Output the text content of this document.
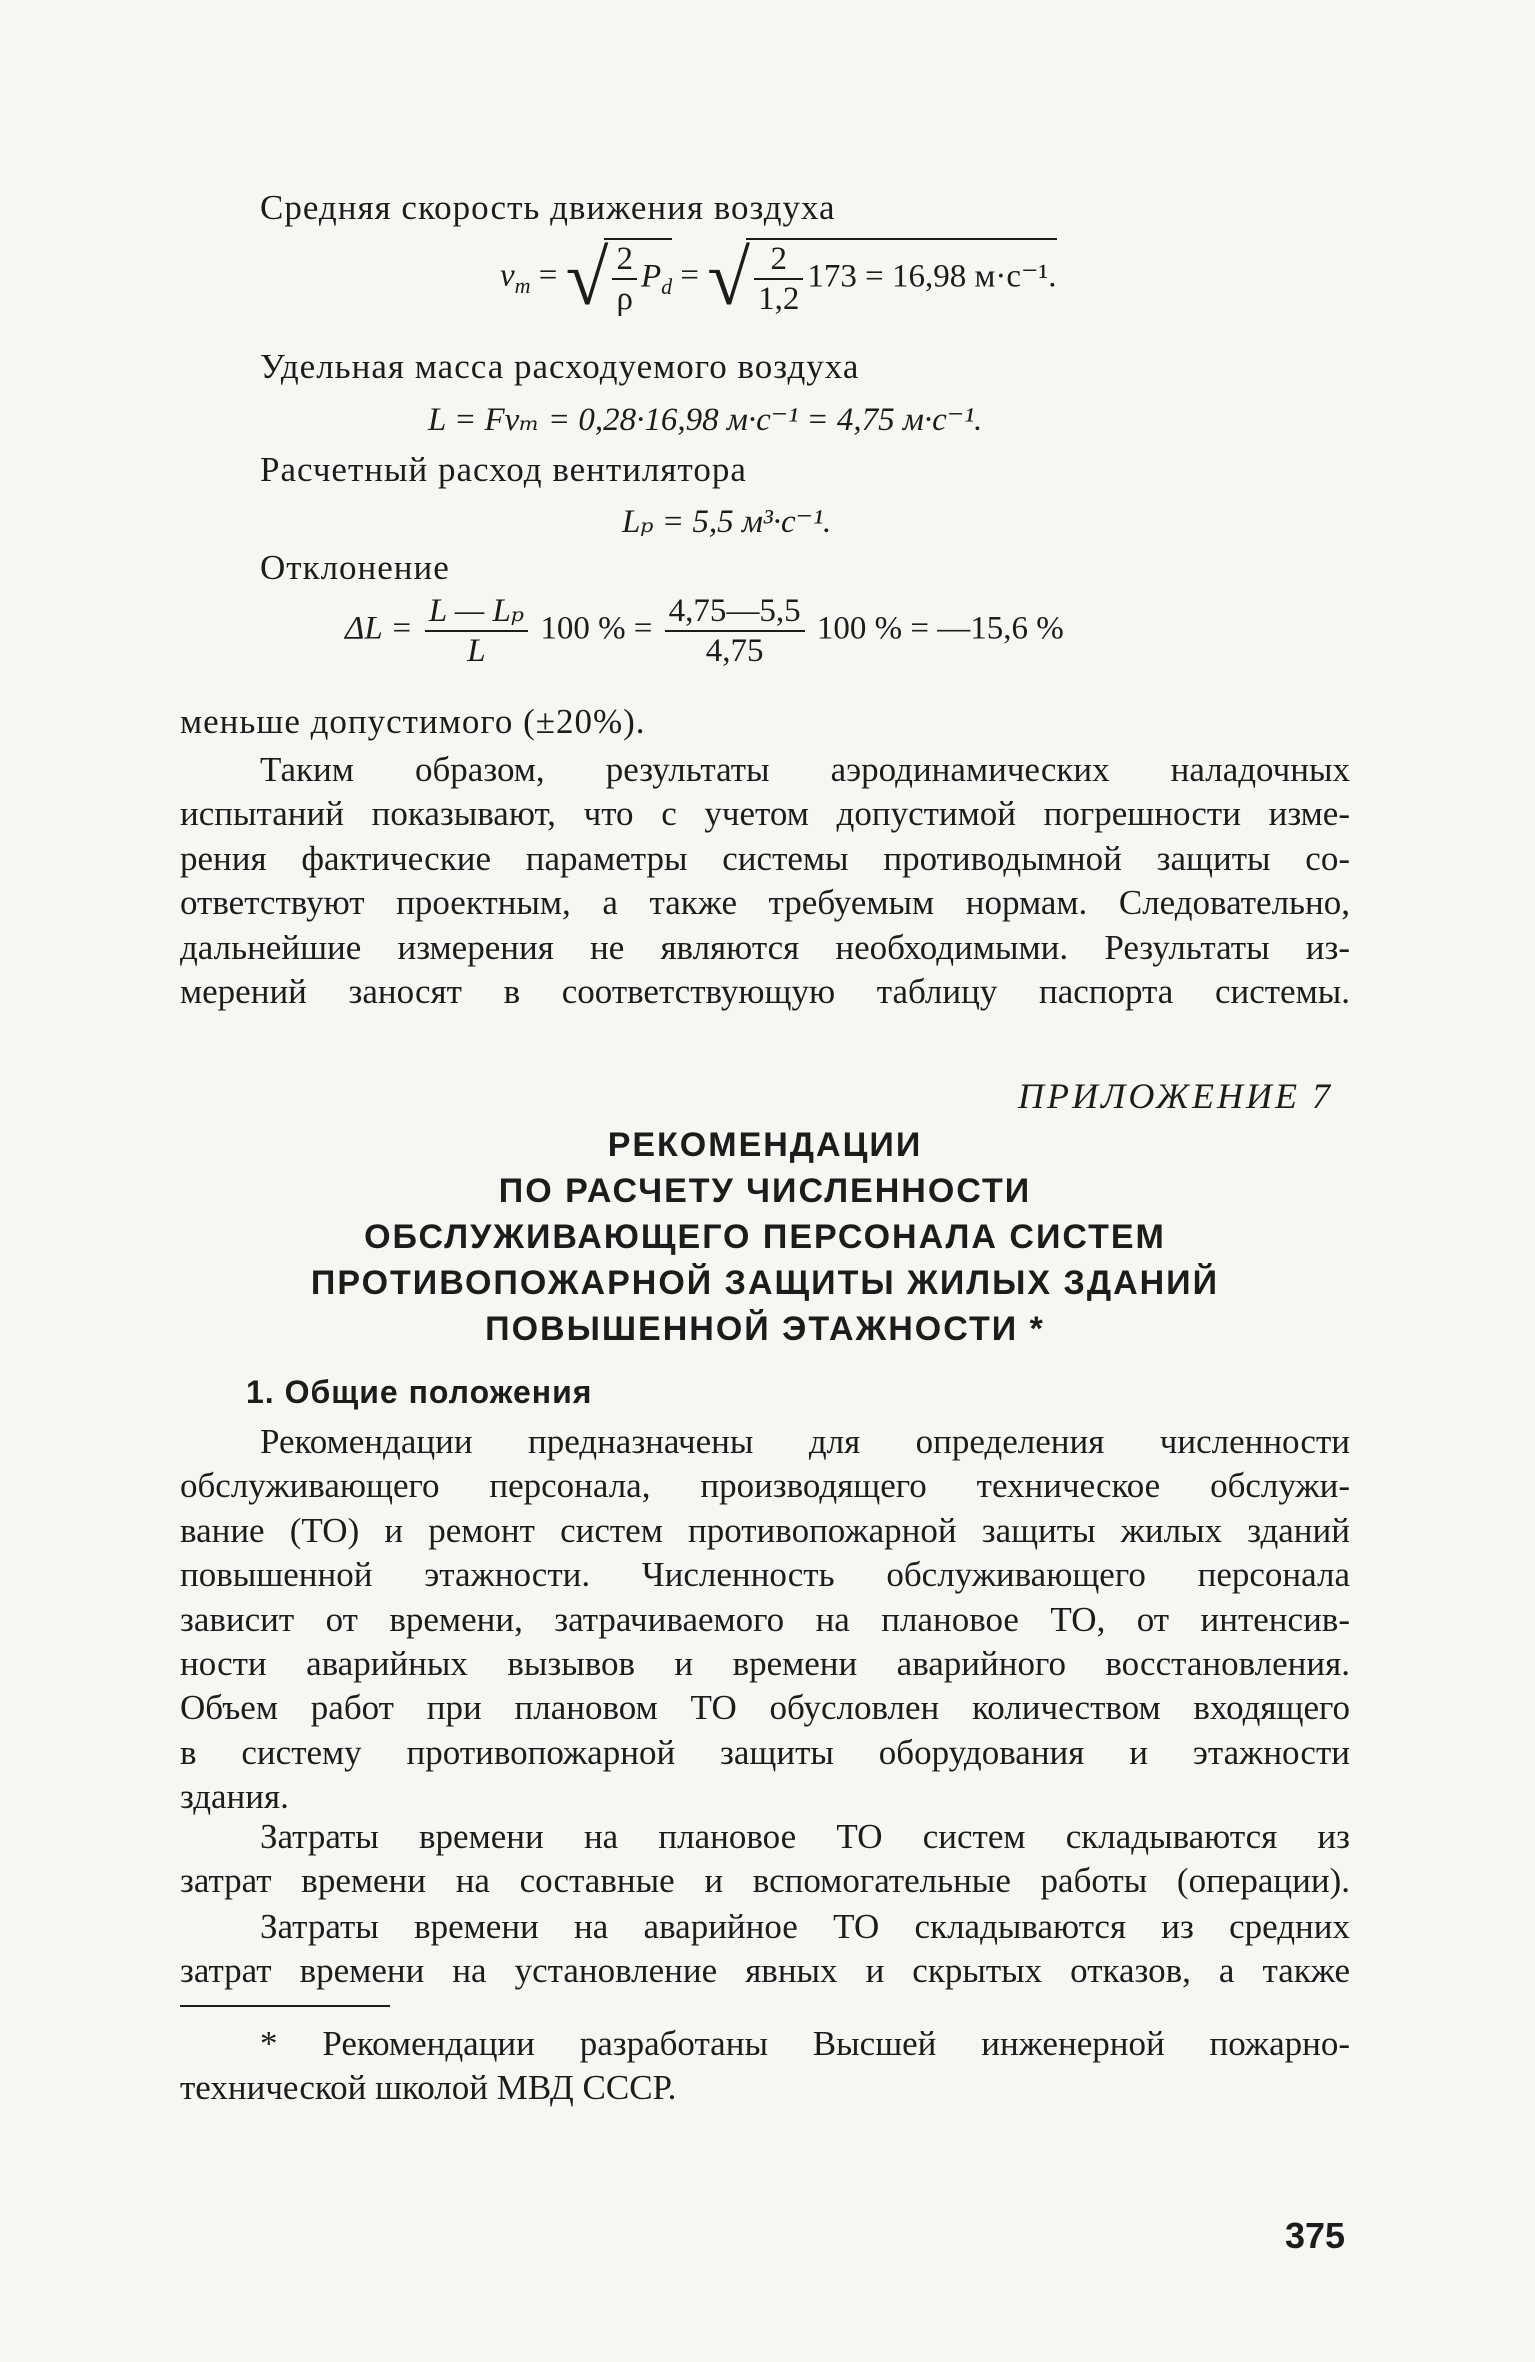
Средняя скорость движения воздуха
$v_m$ = √ $\frac{2}{\rho} P_d$ = √ $\frac{2}{1,2} 173 = 16,98$ м·с⁻¹.
Удельная масса расходуемого воздуха
L = Fvₘ = 0,28·16,98 м·с⁻¹ = 4,75 м·с⁻¹.
Расчетный расход вентилятора
Lₚ = 5,5 м³·с⁻¹.
Отклонение
$\Delta L = \frac{\text{L — Lₚ}}{L} 100$ % = $\frac{4,75—5,5}{4,75} 100$ % = —15,6 %
меньше допустимого (±20%).
Таким образом, результаты аэродинамических наладочных
испытаний показывают, что с учетом допустимой погрешности изме-
рения фактические параметры системы противодымной защиты со-
ответствуют проектным, а также требуемым нормам. Следовательно,
дальнейшие измерения не являются необходимыми. Результаты из-
мерений заносят в соответствующую таблицу паспорта системы.
ПРИЛОЖЕНИЕ 7
РЕКОМЕНДАЦИИ
ПО РАСЧЕТУ ЧИСЛЕННОСТИ
ОБСЛУЖИВАЮЩЕГО ПЕРСОНАЛА СИСТЕМ
ПРОТИВОПОЖАРНОЙ ЗАЩИТЫ ЖИЛЫХ ЗДАНИЙ
ПОВЫШЕННОЙ ЭТАЖНОСТИ *
1. Общие положения
Рекомендации предназначены для определения численности
обслуживающего персонала, производящего техническое обслужи-
вание (ТО) и ремонт систем противопожарной защиты жилых зданий
повышенной этажности. Численность обслуживающего персонала
зависит от времени, затрачиваемого на плановое ТО, от интенсив-
ности аварийных вызывов и времени аварийного восстановления.
Объем работ при плановом ТО обусловлен количеством входящего
в систему противопожарной защиты оборудования и этажности
здания.
Затраты времени на плановое ТО систем складываются из
затрат времени на составные и вспомогательные работы (операции).
Затраты времени на аварийное ТО складываются из средних
затрат времени на установление явных и скрытых отказов, а также
* Рекомендации разработаны Высшей инженерной пожарно-
технической школой МВД СССР.
375
